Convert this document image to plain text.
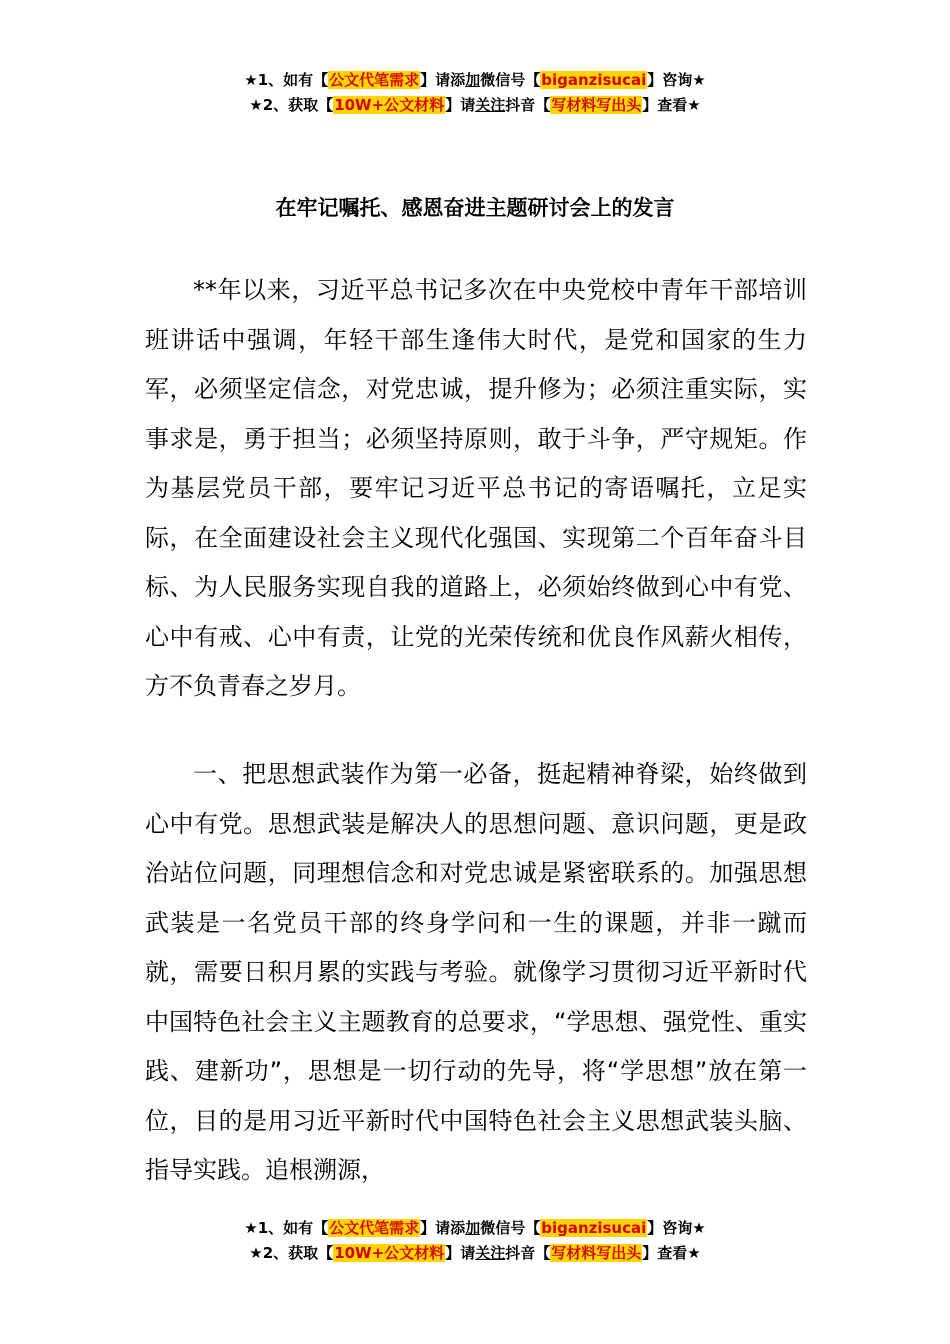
★1、如有【公文代笔需求】请添加微信号【biganzisucai】咨询★
★2、获取【10W+公文材料】请关注抖音【写材料写出头】查看★
在牢记嘱托、感恩奋进主题研讨会上的发言

**年以来，习近平总书记多次在中央党校中青年干部培训班讲话中强调，年轻干部生逢伟大时代，是党和国家的生力军，必须坚定信念，对党忠诚，提升修为；必须注重实际，实事求是，勇于担当；必须坚持原则，敢于斗争，严守规矩。作为基层党员干部，要牢记习近平总书记的寄语嘱托，立足实际，在全面建设社会主义现代化强国、实现第二个百年奋斗目标、为人民服务实现自我的道路上，必须始终做到心中有党、心中有戒、心中有责，让党的光荣传统和优良作风薪火相传，方不负青春之岁月。

一、把思想武装作为第一必备，挺起精神脊梁，始终做到心中有党。思想武装是解决人的思想问题、意识问题，更是政治站位问题，同理想信念和对党忠诚是紧密联系的。加强思想武装是一名党员干部的终身学问和一生的课题，并非一蹴而就，需要日积月累的实践与考验。就像学习贯彻习近平新时代中国特色社会主义主题教育的总要求，“学思想、强党性、重实践、建新功”，思想是一切行动的先导，将“学思想”放在第一位，目的是用习近平新时代中国特色社会主义思想武装头脑、指导实践。追根溯源，

★1、如有【公文代笔需求】请添加微信号【biganzisucai】咨询★
★2、获取【10W+公文材料】请关注抖音【写材料写出头】查看★
